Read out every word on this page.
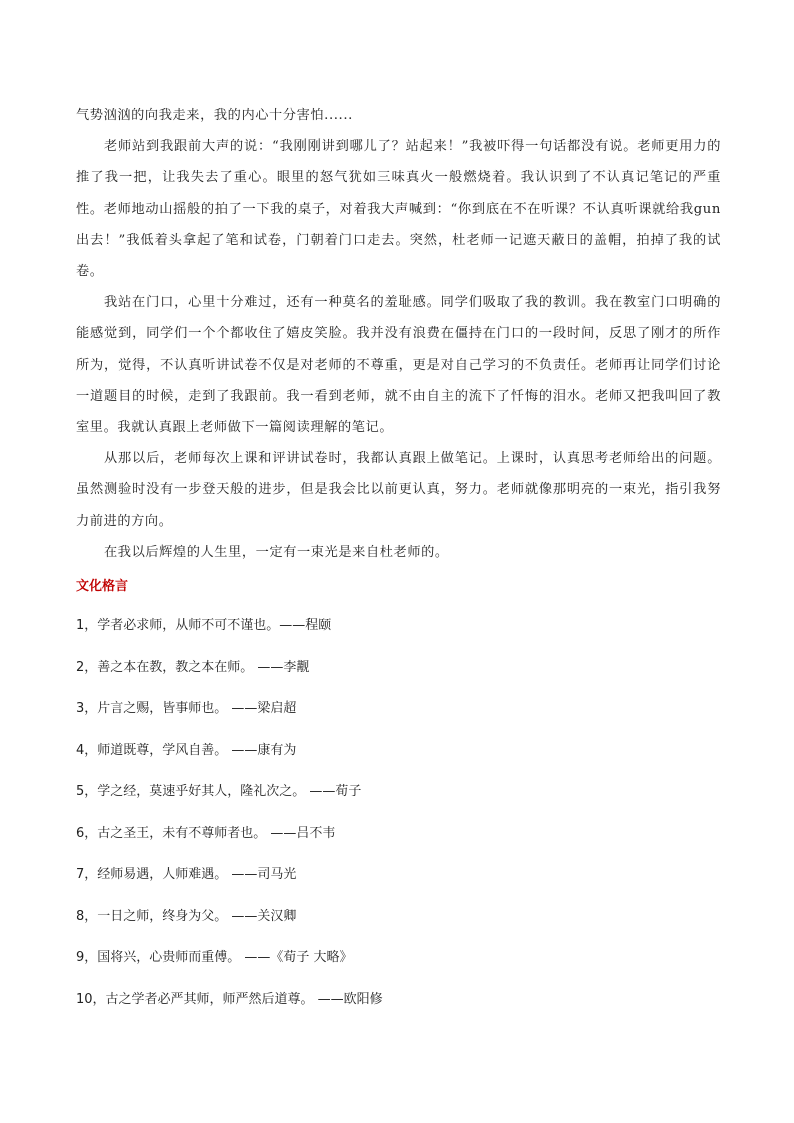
气势汹汹的向我走来，我的内心十分害怕......

老师站到我跟前大声的说：“我刚刚讲到哪儿了？站起来！”我被吓得一句话都没有说。老师更用力的推了我一把，让我失去了重心。眼里的怒气犹如三味真火一般燃烧着。我认识到了不认真记笔记的严重性。老师地动山摇般的拍了一下我的桌子，对着我大声喊到：“你到底在不在听课？不认真听课就给我gun出去！”我低着头拿起了笔和试卷，门朝着门口走去。突然，杜老师一记遮天蔽日的盖帽，拍掉了我的试卷。

我站在门口，心里十分难过，还有一种莫名的羞耻感。同学们吸取了我的教训。我在教室门口明确的能感觉到，同学们一个个都收住了嬉皮笑脸。我并没有浪费在僵持在门口的一段时间，反思了刚才的所作所为，觉得，不认真听讲试卷不仅是对老师的不尊重，更是对自己学习的不负责任。老师再让同学们讨论一道题目的时候，走到了我跟前。我一看到老师，就不由自主的流下了忏悔的泪水。老师又把我叫回了教室里。我就认真跟上老师做下一篇阅读理解的笔记。

从那以后，老师每次上课和评讲试卷时，我都认真跟上做笔记。上课时，认真思考老师给出的问题。虽然测验时没有一步登天般的进步，但是我会比以前更认真，努力。老师就像那明亮的一束光，指引我努力前进的方向。

在我以后辉煌的人生里，一定有一束光是来自杜老师的。

文化格言
1，学者必求师，从师不可不谨也。——程颐
2，善之本在教，教之本在师。 ——李觏
3，片言之赐，皆事师也。 ——梁启超
4，师道既尊，学风自善。 ——康有为
5，学之经，莫速乎好其人，隆礼次之。 ——荀子
6，古之圣王，未有不尊师者也。 ——吕不韦
7，经师易遇，人师难遇。 ——司马光
8，一日之师，终身为父。 ——关汉卿
9，国将兴，心贵师而重傅。 ——《荀子 大略》
10，古之学者必严其师，师严然后道尊。 ——欧阳修
